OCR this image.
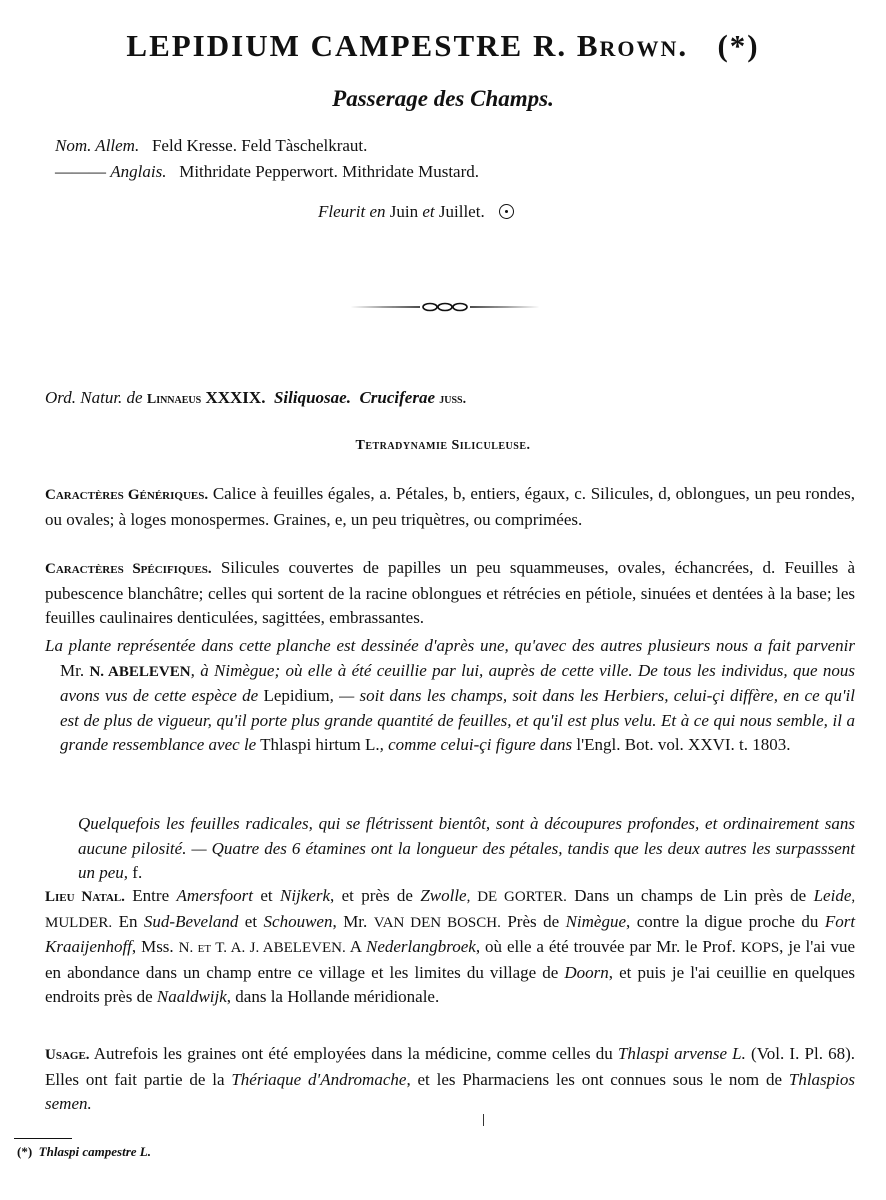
LEPIDIUM CAMPESTRE R. Brown. (*)
Passerage des Champs.
Nom. Allem. Feld Kresse. Feld Tàschelkraut.
——— Anglais. Mithridate Pepperwort. Mithridate Mustard.
Fleurit en Juin et Juillet.
Ord. Natur. de Linnaeus XXXIX. Siliquosae. Cruciferae juss.
Tetradynamie Siliculeuse.
Caractères Génériques. Calice à feuilles égales, a. Pétales, b, entiers, égaux, c. Silicules, d, oblongues, un peu rondes, ou ovales; à loges monospermes. Graines, e, un peu triquètres, ou comprimées.
Caractères Spécifiques. Silicules couvertes de papilles un peu squammeuses, ovales, échancrées, d. Feuilles à pubescence blanchâtre; celles qui sortent de la racine oblongues et rétrécies en pétiole, sinuées et dentées à la base; les feuilles caulinaires denticulées, sagittées, embrassantes.
La plante représentée dans cette planche est dessinée d'après une, qu'avec des autres plusieurs nous a fait parvenir Mr. N. ABELEVEN, à Nimègue; où elle à été ceuillie par lui, auprès de cette ville. De tous les individus, que nous avons vus de cette espèce de Lepidium, — soit dans les champs, soit dans les Herbiers, celui-çi diffère, en ce qu'il est de plus de vigueur, qu'il porte plus grande quantité de feuilles, et qu'il est plus velu. Et à ce qui nous semble, il a grande ressemblance avec le Thlaspi hirtum L., comme celui-çi figure dans l'Engl. Bot. vol. XXVI. t. 1803.
Quelquefois les feuilles radicales, qui se flétrissent bientôt, sont à découpures profondes, et ordinairement sans aucune pilosité. — Quatre des 6 étamines ont la longueur des pétales, tandis que les deux autres les surpasssent un peu, f.
Lieu Natal. Entre Amersfoort et Nijkerk, et près de Zwolle, DE GORTER. Dans un champs de Lin près de Leide, MULDER. En Sud-Beveland et Schouwen, Mr. VAN DEN BOSCH. Près de Nimègue, contre la digue proche du Fort Kraaijenhoff, Mss. N. et T. A. J. ABELEVEN. A Nederlangbroek, où elle a été trouvée par Mr. le Prof. KOPS, je l'ai vue en abondance dans un champ entre ce village et les limites du village de Doorn, et puis je l'ai ceuillie en quelques endroits près de Naaldwijk, dans la Hollande méridionale.
Usage. Autrefois les graines ont été employées dans la médicine, comme celles du Thlaspi arvense L. (Vol. I. Pl. 68). Elles ont fait partie de la Thériaque d'Andromache, et les Pharmaciens les ont connues sous le nom de Thlaspios semen.
(*) Thlaspi campestre L.
